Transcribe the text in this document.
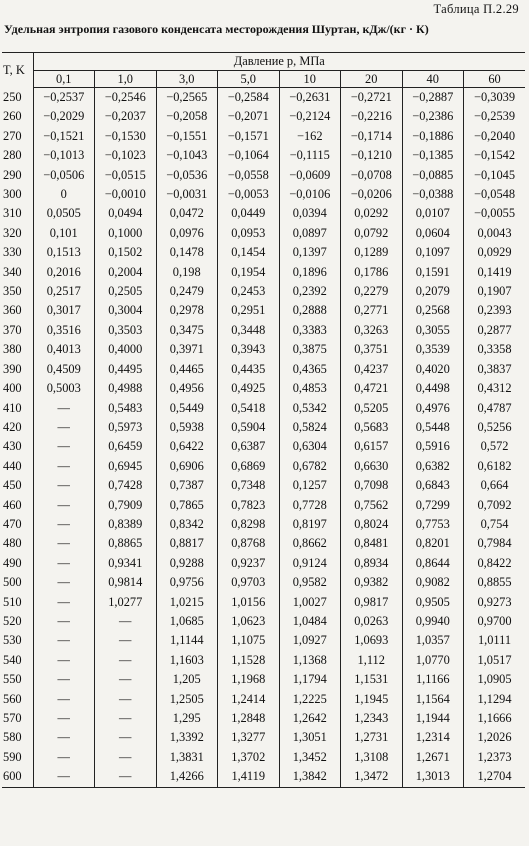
Таблица П.2.29
Удельная энтропия газового конденсата месторождения Шуртан, кДж/(кг · К)
T, K	Давление p, МПа							
	0,1	1,0	3,0	5,0	10	20	40	60
250	−0,2537	−0,2546	−0,2565	−0,2584	−0,2631	−0,2721	−0,2887	−0,3039
260	−0,2029	−0,2037	−0,2058	−0,2071	−0,2124	−0,2216	−0,2386	−0,2539
270	−0,1521	−0,1530	−0,1551	−0,1571	−162	−0,1714	−0,1886	−0,2040
280	−0,1013	−0,1023	−0,1043	−0,1064	−0,1115	−0,1210	−0,1385	−0,1542
290	−0,0506	−0,0515	−0,0536	−0,0558	−0,0609	−0,0708	−0,0885	−0,1045
300	0	−0,0010	−0,0031	−0,0053	−0,0106	−0,0206	−0,0388	−0,0548
310	0,0505	0,0494	0,0472	0,0449	0,0394	0,0292	0,0107	−0,0055
320	0,101	0,1000	0,0976	0,0953	0,0897	0,0792	0,0604	0,0043
330	0,1513	0,1502	0,1478	0,1454	0,1397	0,1289	0,1097	0,0929
340	0,2016	0,2004	0,198	0,1954	0,1896	0,1786	0,1591	0,1419
350	0,2517	0,2505	0,2479	0,2453	0,2392	0,2279	0,2079	0,1907
360	0,3017	0,3004	0,2978	0,2951	0,2888	0,2771	0,2568	0,2393
370	0,3516	0,3503	0,3475	0,3448	0,3383	0,3263	0,3055	0,2877
380	0,4013	0,4000	0,3971	0,3943	0,3875	0,3751	0,3539	0,3358
390	0,4509	0,4495	0,4465	0,4435	0,4365	0,4237	0,4020	0,3837
400	0,5003	0,4988	0,4956	0,4925	0,4853	0,4721	0,4498	0,4312
410	—	0,5483	0,5449	0,5418	0,5342	0,5205	0,4976	0,4787
420	—	0,5973	0,5938	0,5904	0,5824	0,5683	0,5448	0,5256
430	—	0,6459	0,6422	0,6387	0,6304	0,6157	0,5916	0,572
440	—	0,6945	0,6906	0,6869	0,6782	0,6630	0,6382	0,6182
450	—	0,7428	0,7387	0,7348	0,1257	0,7098	0,6843	0,664
460	—	0,7909	0,7865	0,7823	0,7728	0,7562	0,7299	0,7092
470	—	0,8389	0,8342	0,8298	0,8197	0,8024	0,7753	0,754
480	—	0,8865	0,8817	0,8768	0,8662	0,8481	0,8201	0,7984
490	—	0,9341	0,9288	0,9237	0,9124	0,8934	0,8644	0,8422
500	—	0,9814	0,9756	0,9703	0,9582	0,9382	0,9082	0,8855
510	—	1,0277	1,0215	1,0156	1,0027	0,9817	0,9505	0,9273
520	—	—	1,0685	1,0623	1,0484	0,0263	0,9940	0,9700
530	—	—	1,1144	1,1075	1,0927	1,0693	1,0357	1,0111
540	—	—	1,1603	1,1528	1,1368	1,112	1,0770	1,0517
550	—	—	1,205	1,1968	1,1794	1,1531	1,1166	1,0905
560	—	—	1,2505	1,2414	1,2225	1,1945	1,1564	1,1294
570	—	—	1,295	1,2848	1,2642	1,2343	1,1944	1,1666
580	—	—	1,3392	1,3277	1,3051	1,2731	1,2314	1,2026
590	—	—	1,3831	1,3702	1,3452	1,3108	1,2671	1,2373
600	—	—	1,4266	1,4119	1,3842	1,3472	1,3013	1,2704
